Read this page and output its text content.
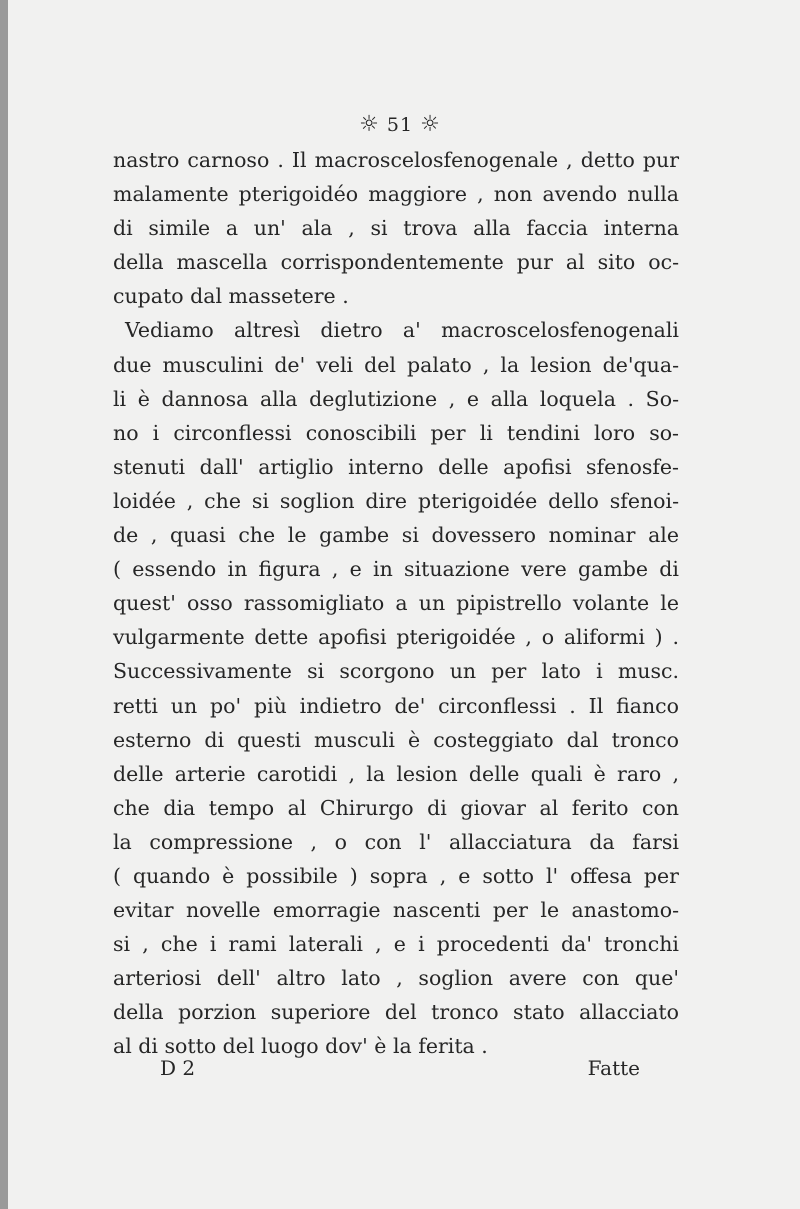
☼ 51 ☼
nastro carnoso . Il macroscelosfenogenale , detto pur
malamente pterigoidéo maggiore , non avendo nulla
di simile a un' ala , si trova alla faccia interna
della mascella corrispondentemente pur al sito oc-
cupato dal massetere .
Vediamo altresì dietro a' macroscelosfenogenali
due musculini de' veli del palato , la lesion de'qua-
li è dannosa alla deglutizione , e alla loquela . So-
no i circonflessi conoscibili per li tendini loro so-
stenuti dall' artiglio interno delle apofisi sfenosfe-
loidée , che si soglion dire pterigoidée dello sfenoi-
de , quasi che le gambe si dovessero nominar ale
( essendo in figura , e in situazione vere gambe di
quest' osso rassomigliato a un pipistrello volante le
vulgarmente dette apofisi pterigoidée , o aliformi ) .
Successivamente si scorgono un per lato i musc.
retti un po' più indietro de' circonflessi . Il fianco
esterno di questi musculi è costeggiato dal tronco
delle arterie carotidi , la lesion delle quali è raro ,
che dia tempo al Chirurgo di giovar al ferito con
la compressione , o con l' allacciatura da farsi
( quando è possibile ) sopra , e sotto l' offesa per
evitar novelle emorragie nascenti per le anastomo-
si , che i rami laterali , e i procedenti da' tronchi
arteriosi dell' altro lato , soglion avere con que'
della porzion superiore del tronco stato allacciato
al di sotto del luogo dov' è la ferita .
D 2	Fatte
